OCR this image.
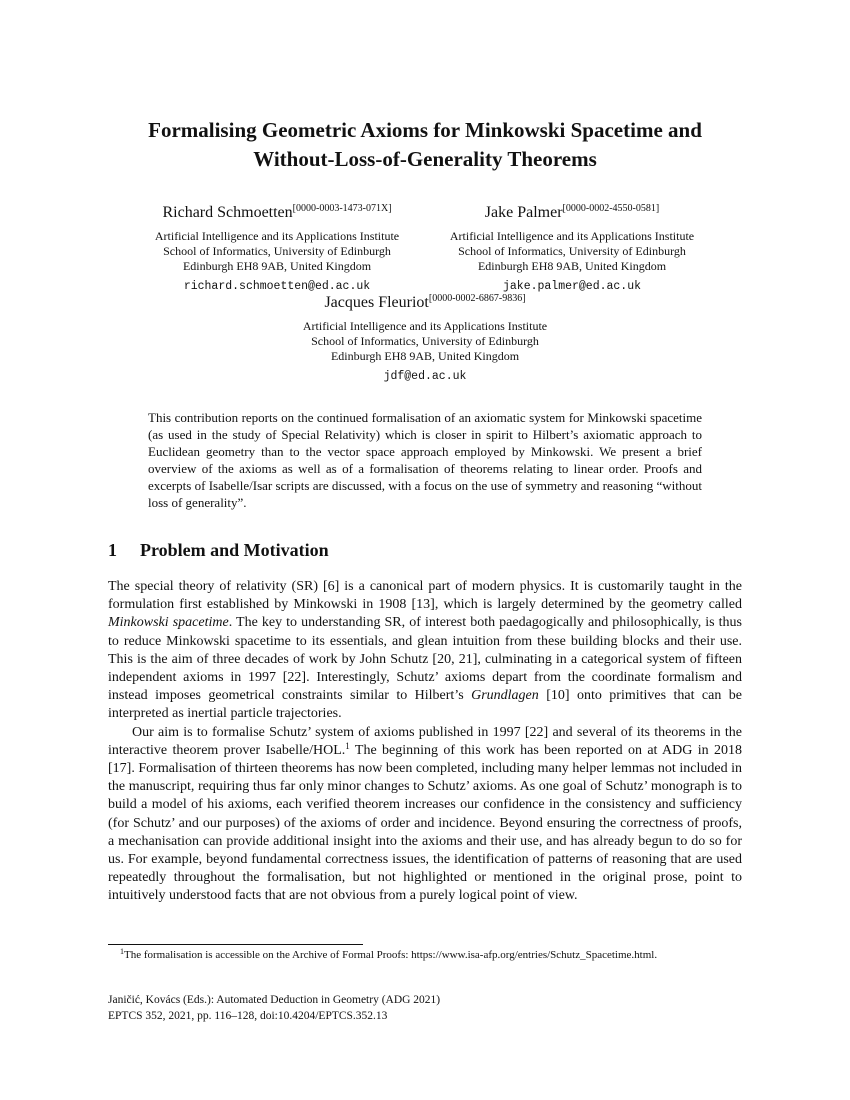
Formalising Geometric Axioms for Minkowski Spacetime and
Without-Loss-of-Generality Theorems
Richard Schmoetten[0000-0003-1473-071X]
Artificial Intelligence and its Applications Institute
School of Informatics, University of Edinburgh
Edinburgh EH8 9AB, United Kingdom
richard.schmoetten@ed.ac.uk
Jake Palmer[0000-0002-4550-0581]
Artificial Intelligence and its Applications Institute
School of Informatics, University of Edinburgh
Edinburgh EH8 9AB, United Kingdom
jake.palmer@ed.ac.uk
Jacques Fleuriot[0000-0002-6867-9836]
Artificial Intelligence and its Applications Institute
School of Informatics, University of Edinburgh
Edinburgh EH8 9AB, United Kingdom
jdf@ed.ac.uk
This contribution reports on the continued formalisation of an axiomatic system for Minkowski spacetime (as used in the study of Special Relativity) which is closer in spirit to Hilbert’s axiomatic approach to Euclidean geometry than to the vector space approach employed by Minkowski. We present a brief overview of the axioms as well as of a formalisation of theorems relating to linear order. Proofs and excerpts of Isabelle/Isar scripts are discussed, with a focus on the use of symmetry and reasoning “without loss of generality”.
1 Problem and Motivation

The special theory of relativity (SR) [6] is a canonical part of modern physics. It is customarily taught in the formulation first established by Minkowski in 1908 [13], which is largely determined by the geometry called Minkowski spacetime. The key to understanding SR, of interest both paedagogically and philosophically, is thus to reduce Minkowski spacetime to its essentials, and glean intuition from these building blocks and their use. This is the aim of three decades of work by John Schutz [20, 21], culminating in a categorical system of fifteen independent axioms in 1997 [22]. Interestingly, Schutz’ axioms depart from the coordinate formalism and instead imposes geometrical constraints similar to Hilbert’s Grundlagen [10] onto primitives that can be interpreted as inertial particle trajectories.

Our aim is to formalise Schutz’ system of axioms published in 1997 [22] and several of its theorems in the interactive theorem prover Isabelle/HOL.$^1$ The beginning of this work has been reported on at ADG in 2018 [17]. Formalisation of thirteen theorems has now been completed, including many helper lemmas not included in the manuscript, requiring thus far only minor changes to Schutz’ axioms. As one goal of Schutz’ monograph is to build a model of his axioms, each verified theorem increases our confidence in the consistency and sufficiency (for Schutz’ and our purposes) of the axioms of order and incidence. Beyond ensuring the correctness of proofs, a mechanisation can provide additional insight into the axioms and their use, and has already begun to do so for us. For example, beyond fundamental correctness issues, the identification of patterns of reasoning that are used repeatedly throughout the formalisation, but not highlighted or mentioned in the original prose, point to intuitively understood facts that are not obvious from a purely logical point of view.

$^1$The formalisation is accessible on the Archive of Formal Proofs: https://www.isa-afp.org/entries/Schutz_Spacetime.html.
Janičić, Kovács (Eds.): Automated Deduction in Geometry (ADG 2021)
EPTCS 352, 2021, pp. 116–128, doi:10.4204/EPTCS.352.13
